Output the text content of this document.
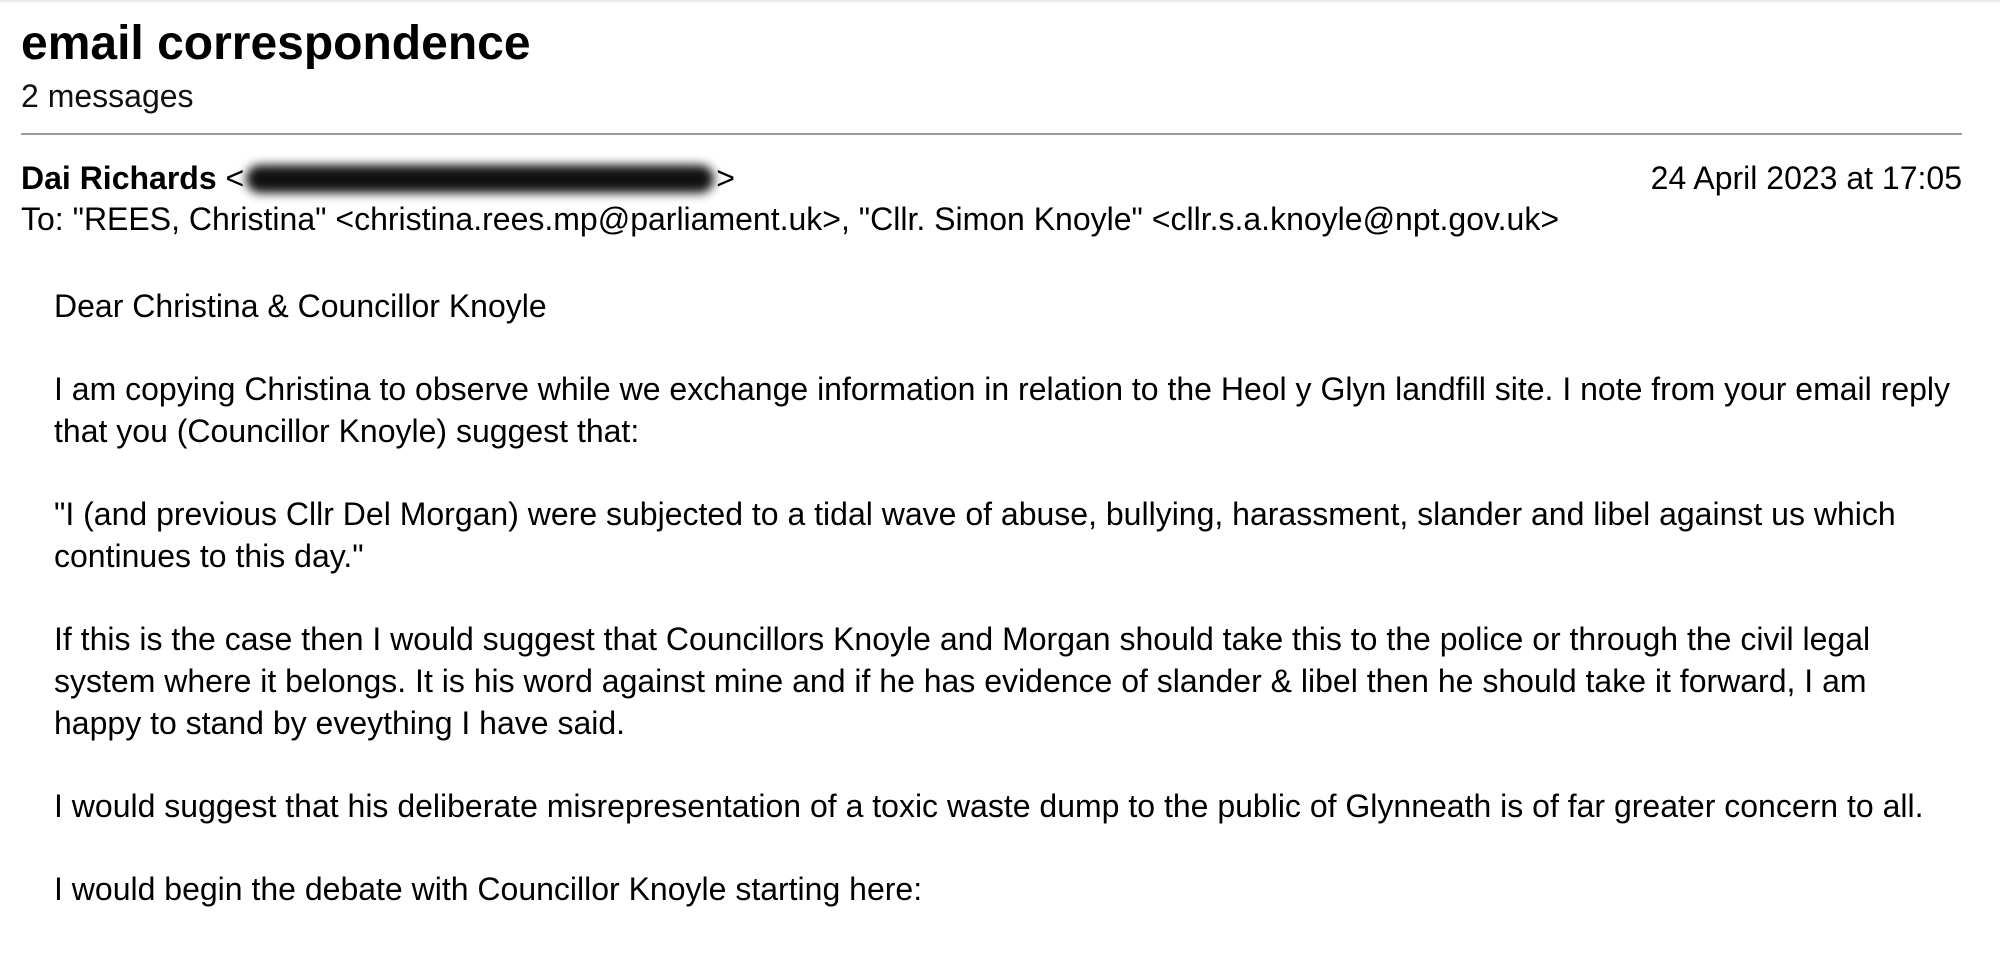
email correspondence
2 messages
Dai Richards <	>	24 April 2023 at 17:05
To: "REES, Christina" <christina.rees.mp@parliament.uk>, "Cllr. Simon Knoyle" <cllr.s.a.knoyle@npt.gov.uk>

Dear Christina & Councillor Knoyle

I am copying Christina to observe while we exchange information in relation to the Heol y Glyn landfill site. I note from your email reply that you (Councillor Knoyle) suggest that:

"I (and previous Cllr Del Morgan) were subjected to a tidal wave of abuse, bullying, harassment, slander and libel against us which continues to this day."

If this is the case then I would suggest that Councillors Knoyle and Morgan should take this to the police or through the civil legal system where it belongs. It is his word against mine and if he has evidence of slander & libel then he should take it forward, I am happy to stand by eveything I have said.

I would suggest that his deliberate misrepresentation of a toxic waste dump to the public of Glynneath is of far greater concern to all.

I would begin the debate with Councillor Knoyle starting here:
